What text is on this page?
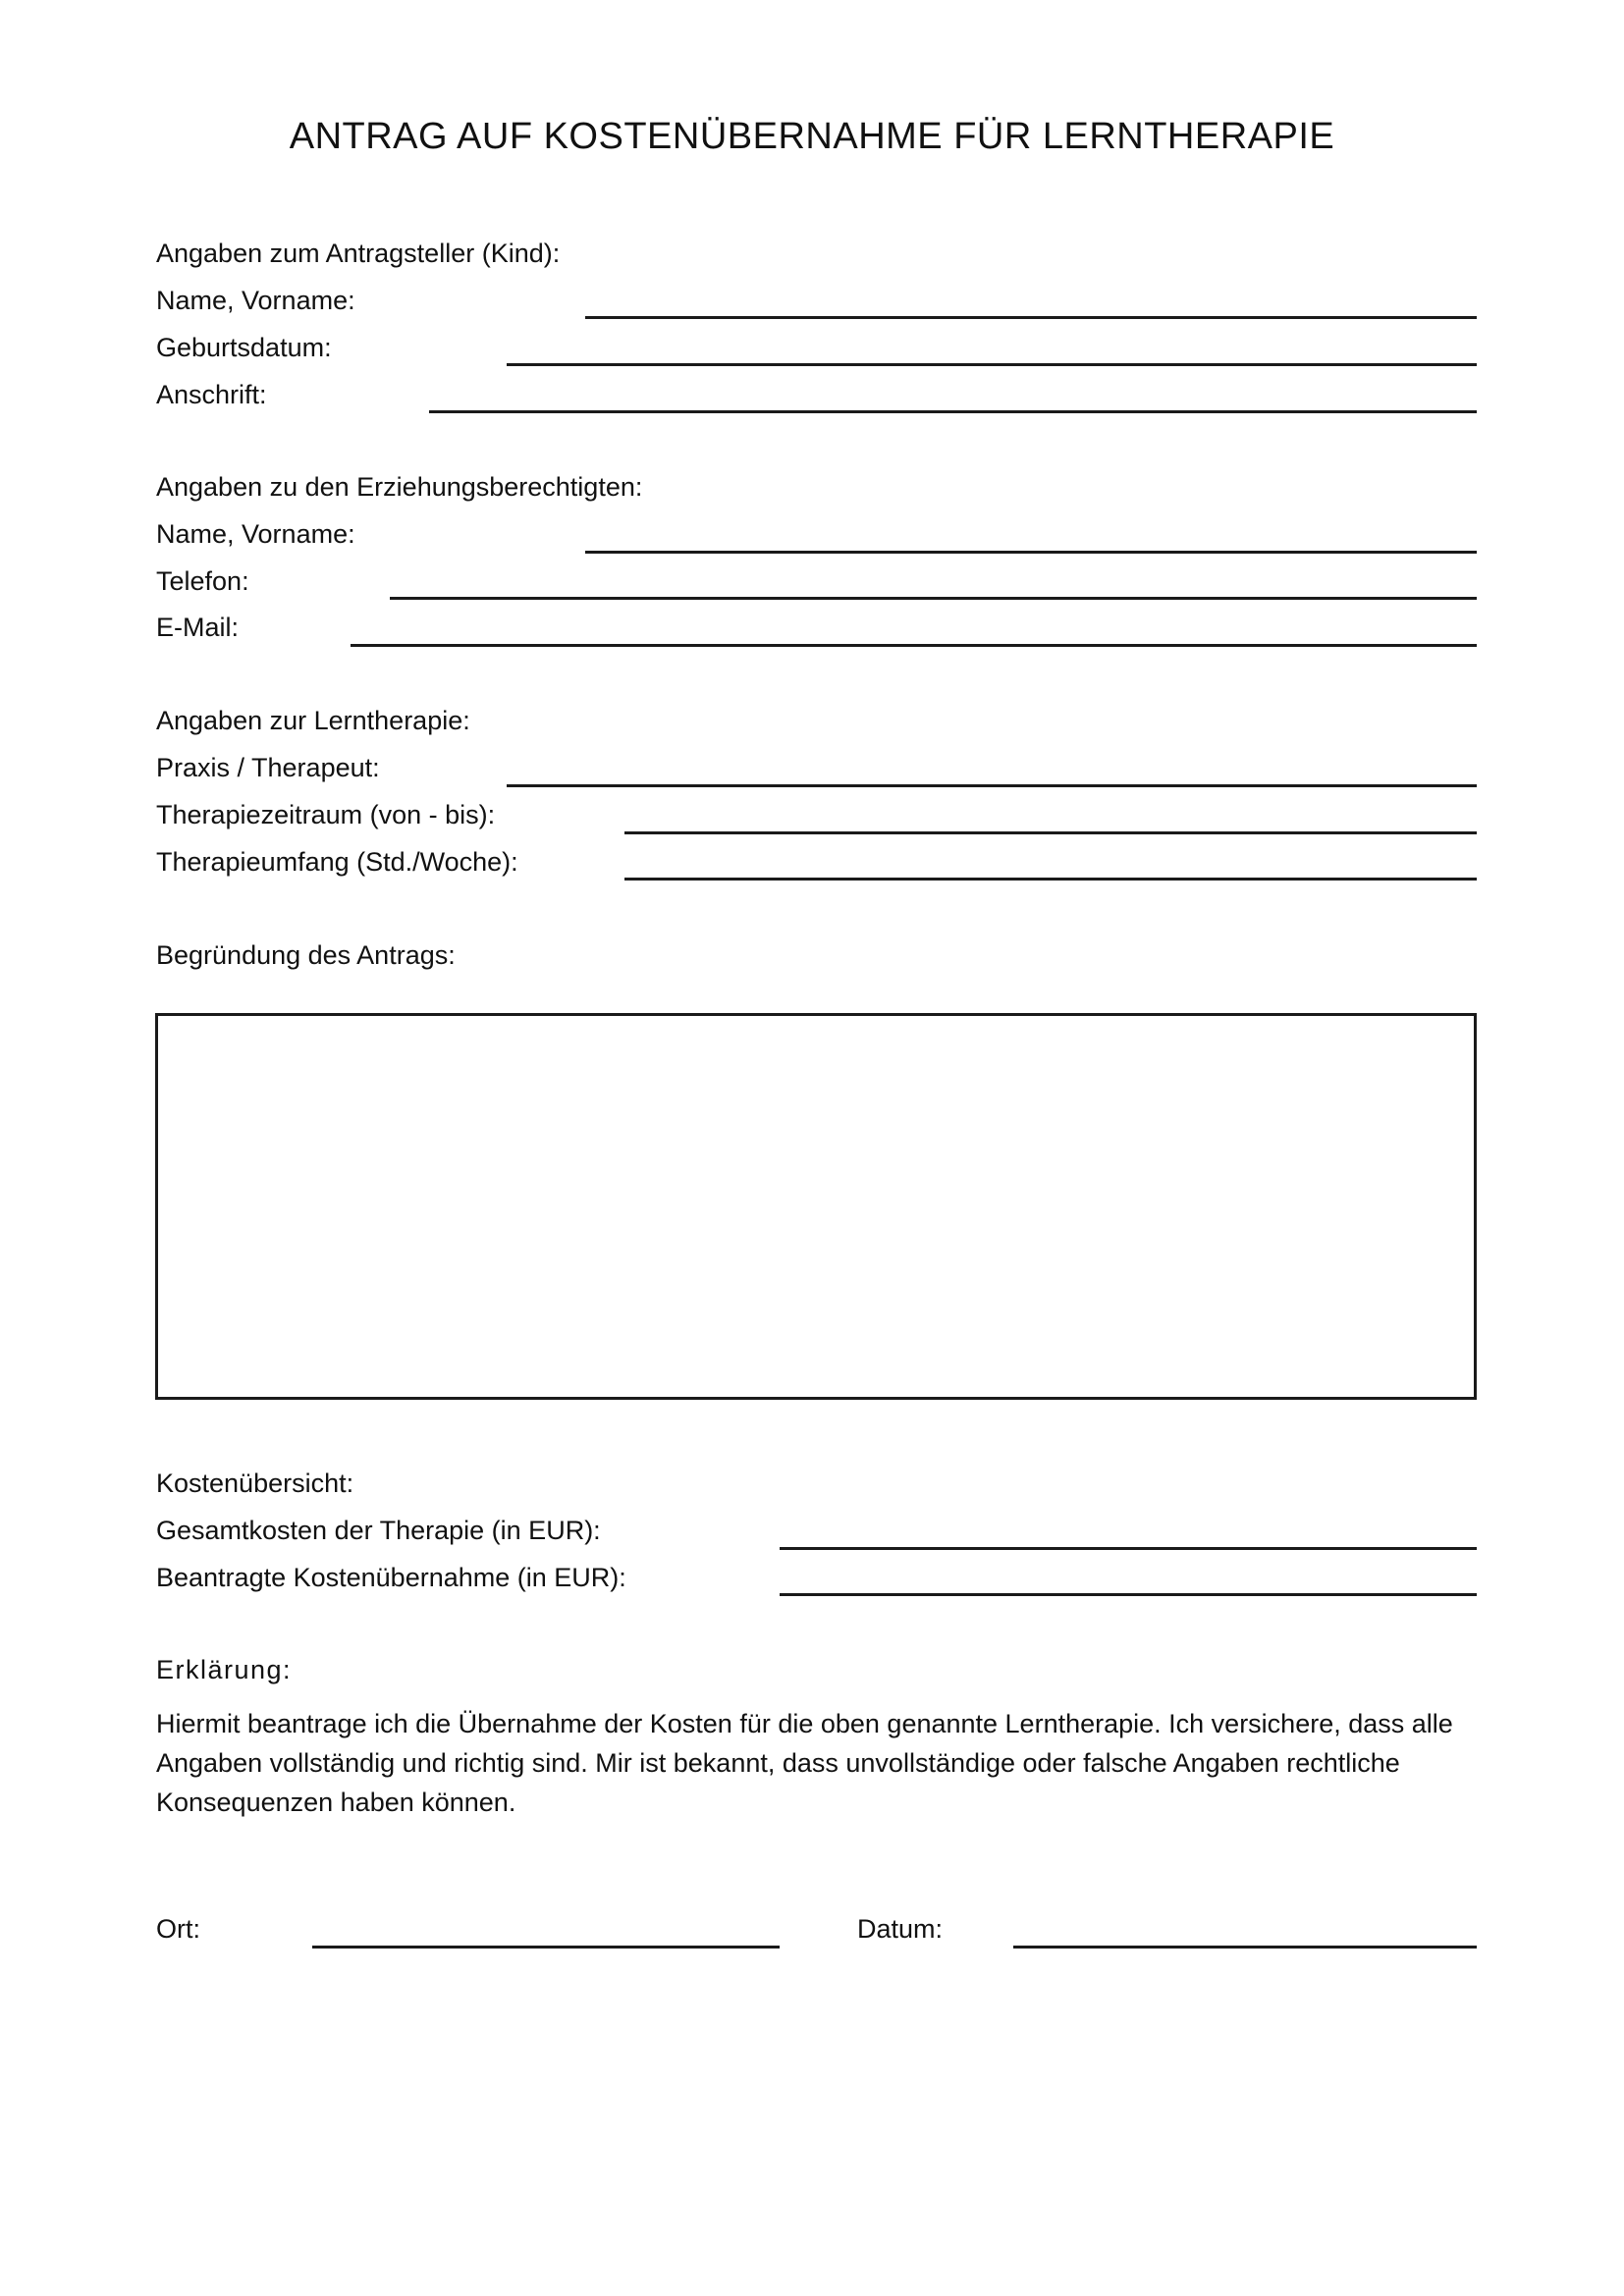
ANTRAG AUF KOSTENÜBERNAHME FÜR LERNTHERAPIE
Angaben zum Antragsteller (Kind):
Name, Vorname:
Geburtsdatum:
Anschrift:
Angaben zu den Erziehungsberechtigten:
Name, Vorname:
Telefon:
E-Mail:
Angaben zur Lerntherapie:
Praxis / Therapeut:
Therapiezeitraum (von - bis):
Therapieumfang (Std./Woche):
Begründung des Antrags:
Kostenübersicht:
Gesamtkosten der Therapie (in EUR):
Beantragte Kostenübernahme (in EUR):
Erklärung:
Hiermit beantrage ich die Übernahme der Kosten für die oben genannte Lerntherapie. Ich versichere, dass alle Angaben vollständig und richtig sind. Mir ist bekannt, dass unvollständige oder falsche Angaben rechtliche Konsequenzen haben können.
Ort:	Datum:
